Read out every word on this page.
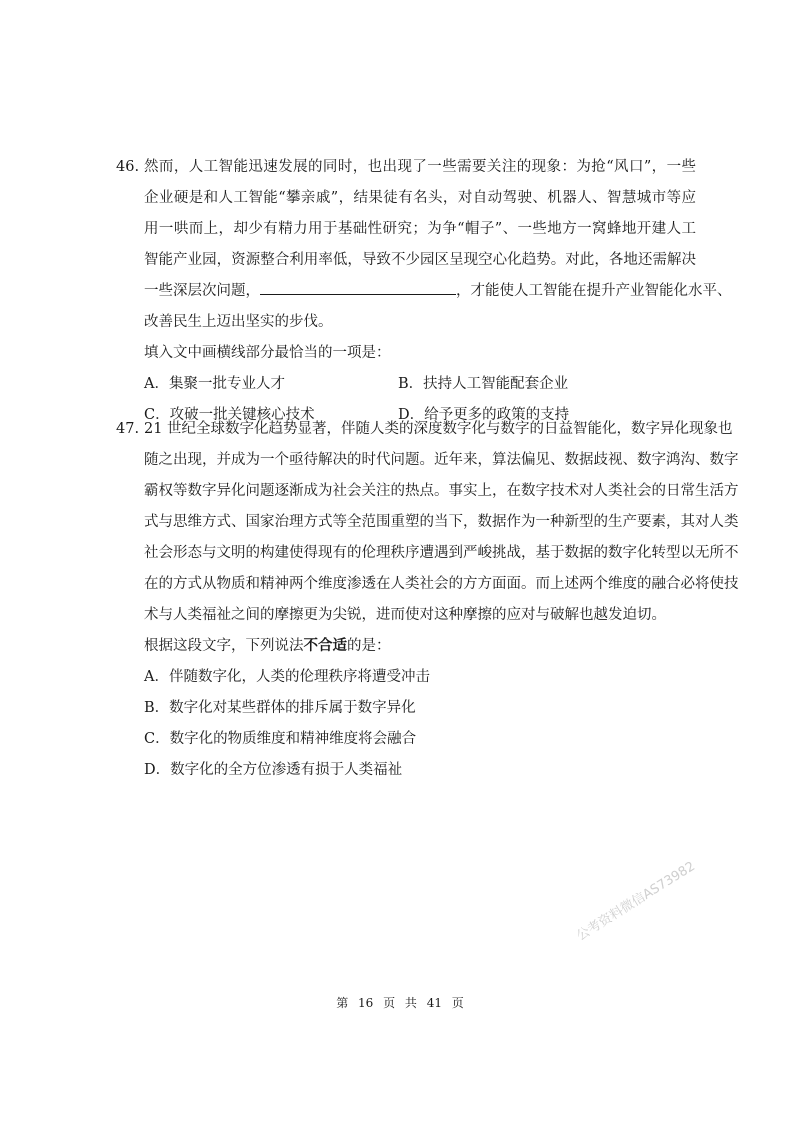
46. 然而，人工智能迅速发展的同时，也出现了一些需要关注的现象：为抢“风口”，一些
企业硬是和人工智能“攀亲戚”，结果徒有名头，对自动驾驶、机器人、智慧城市等应
用一哄而上，却少有精力用于基础性研究；为争“帽子”、一些地方一窝蜂地开建人工
智能产业园，资源整合利用率低，导致不少园区呈现空心化趋势。对此，各地还需解决
一些深层次问题，	，才能使人工智能在提升产业智能化水平、
改善民生上迈出坚实的步伐。
填入文中画横线部分最恰当的一项是：
A．集聚一批专业人才	B．扶持人工智能配套企业
C．攻破一批关键核心技术	D．给予更多的政策的支持
47. 21 世纪全球数字化趋势显著，伴随人类的深度数字化与数字的日益智能化，数字异化现象也
随之出现，并成为一个亟待解决的时代问题。近年来，算法偏见、数据歧视、数字鸿沟、数字
霸权等数字异化问题逐渐成为社会关注的热点。事实上，在数字技术对人类社会的日常生活方
式与思维方式、国家治理方式等全范围重塑的当下，数据作为一种新型的生产要素，其对人类
社会形态与文明的构建使得现有的伦理秩序遭遇到严峻挑战，基于数据的数字化转型以无所不
在的方式从物质和精神两个维度渗透在人类社会的方方面面。而上述两个维度的融合必将使技
术与人类福祉之间的摩擦更为尖锐，进而使对这种摩擦的应对与破解也越发迫切。
根据这段文字，下列说法不合适的是：
A．伴随数字化，人类的伦理秩序将遭受冲击
B．数字化对某些群体的排斥属于数字异化
C．数字化的物质维度和精神维度将会融合
D．数字化的全方位渗透有损于人类福祉
公考资料微信AS73982
第 16 页 共 41 页
